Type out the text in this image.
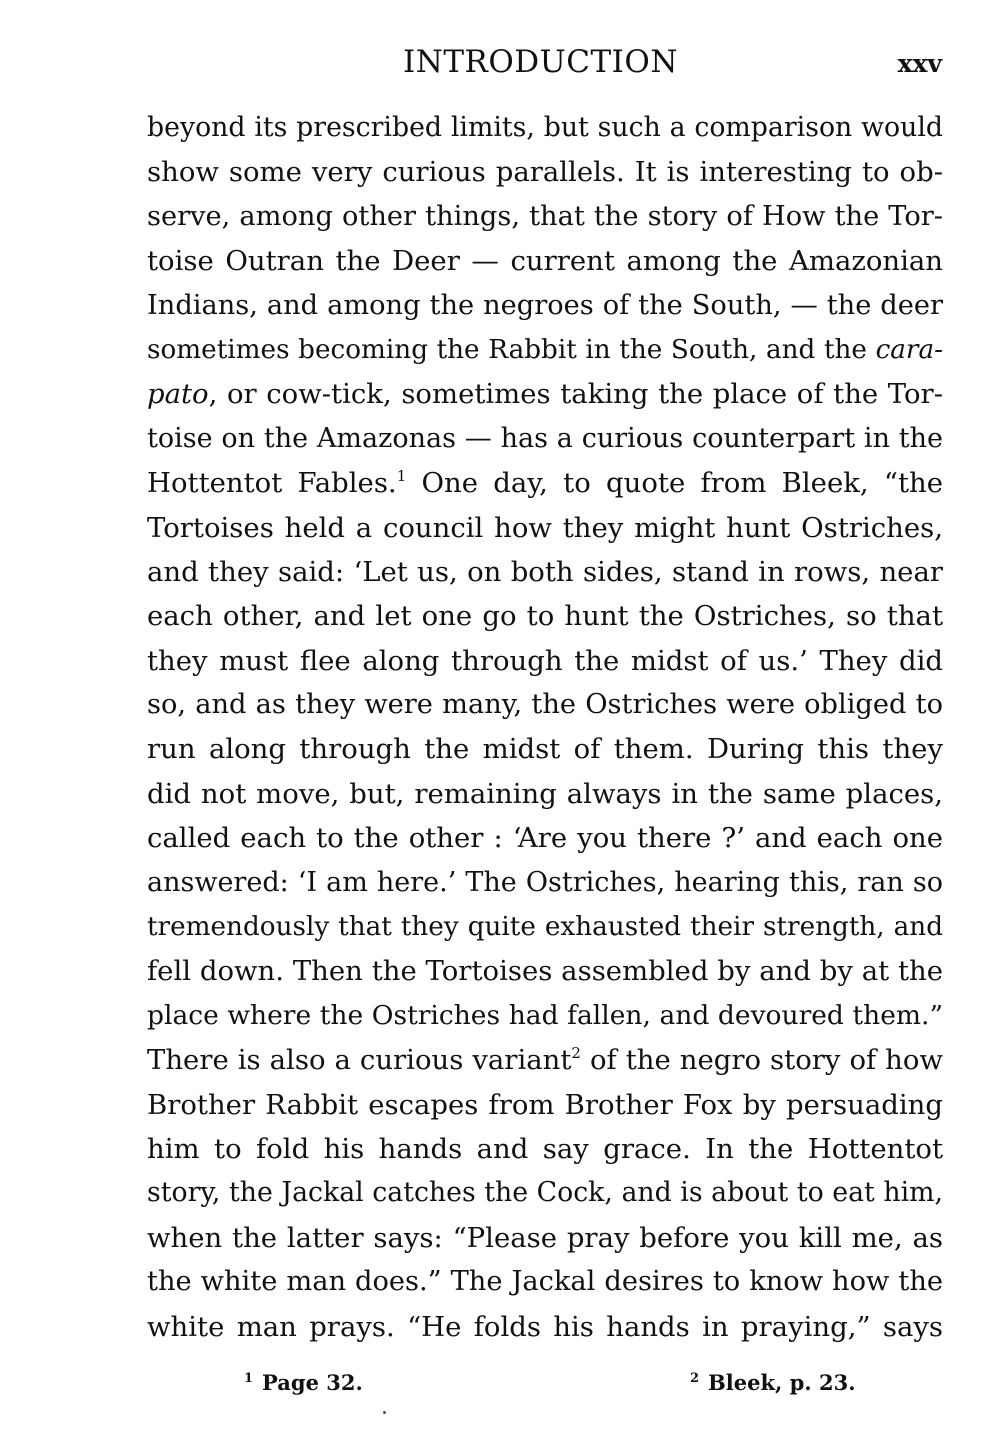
INTRODUCTION	xxv
beyond its prescribed limits, but such a comparison would
show some very curious parallels. It is interesting to ob-
serve, among other things, that the story of How the Tor-
toise Outran the Deer — current among the Amazonian
Indians, and among the negroes of the South, — the deer
sometimes becoming the Rabbit in the South, and the cara-
pato, or cow-tick, sometimes taking the place of the Tor-
toise on the Amazonas — has a curious counterpart in the
Hottentot Fables.$^1$ One day, to quote from Bleek, “the
Tortoises held a council how they might hunt Ostriches,
and they said: ‘Let us, on both sides, stand in rows, near
each other, and let one go to hunt the Ostriches, so that
they must flee along through the midst of us.’ They did
so, and as they were many, the Ostriches were obliged to
run along through the midst of them. During this they
did not move, but, remaining always in the same places,
called each to the other : ‘Are you there ?’ and each one
answered: ‘I am here.’ The Ostriches, hearing this, ran so
tremendously that they quite exhausted their strength, and
fell down. Then the Tortoises assembled by and by at the
place where the Ostriches had fallen, and devoured them.”
There is also a curious variant$^2$ of the negro story of how
Brother Rabbit escapes from Brother Fox by persuading
him to fold his hands and say grace. In the Hottentot
story, the Jackal catches the Cock, and is about to eat him,
when the latter says: “Please pray before you kill me, as
the white man does.” The Jackal desires to know how the
white man prays. “He folds his hands in praying,” says
$^1$ Page 32.	$^2$ Bleek, p. 23.
